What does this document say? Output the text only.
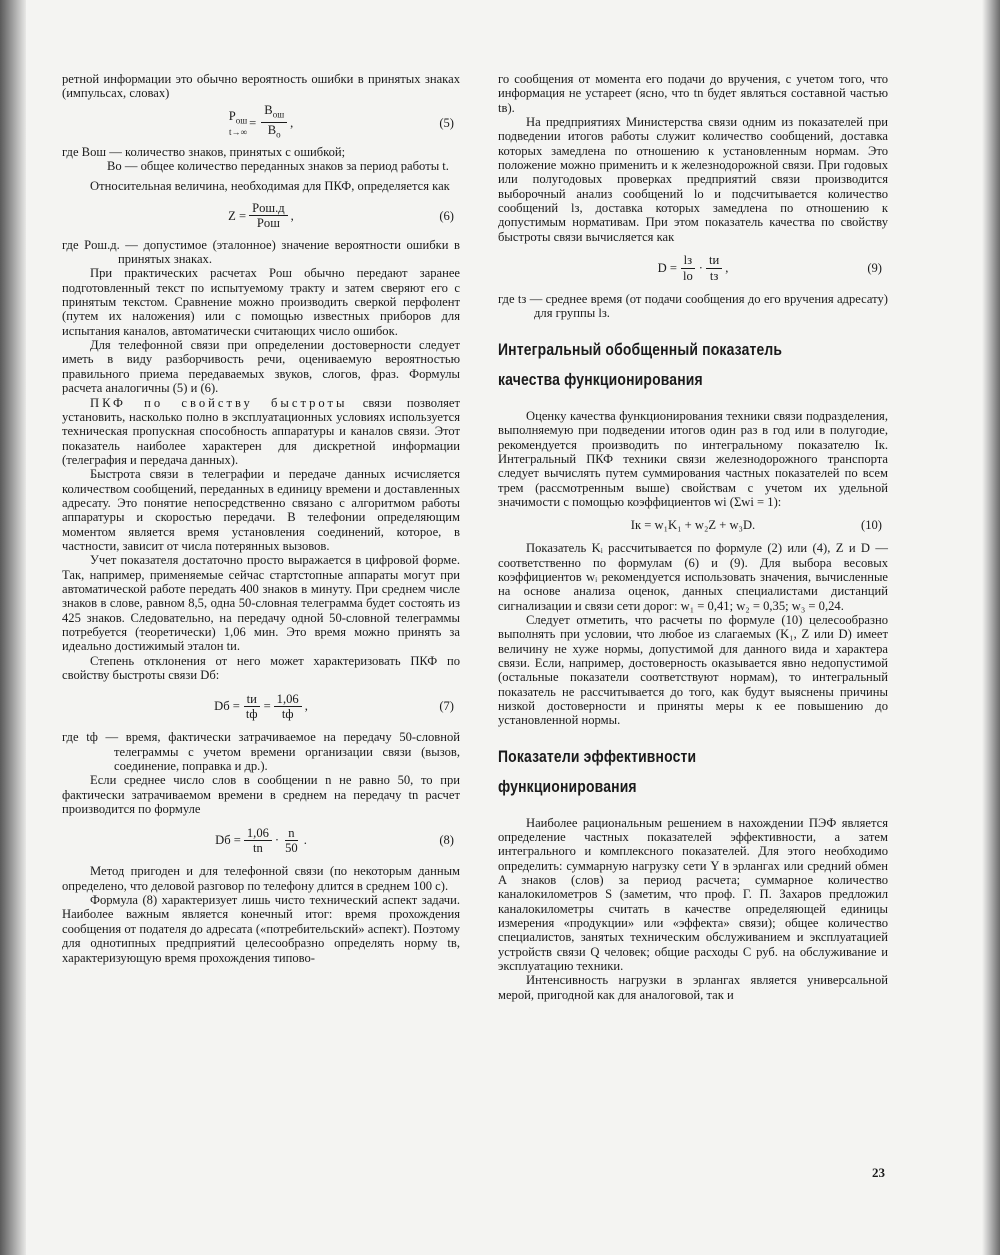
ретной информации это обычно вероятность ошибки в принятых знаках (импульсах, словах)

$P_{ош}$
t→∞
= $\frac{B_{ош}}{B_о}$ ,	(5)

где Bош — количество знаков, принятых с ошибкой;

Bо — общее количество переданных знаков за период работы t.

Относительная величина, необходимая для ПКФ, определяется как

$Z = \frac{\text{Pош.д}}{\text{Pош}}$ ,	(6)

где Pош.д. — допустимое (эталонное) значение вероятности ошибки в принятых знаках.

При практических расчетах Pош обычно передают заранее подготовленный текст по испытуемому тракту и затем сверяют его с принятым текстом. Сравнение можно производить сверкой перфолент (путем их наложения) или с помощью известных приборов для испытания каналов, автоматически считающих число ошибок.

Для телефонной связи при определении достоверности следует иметь в виду разборчивость речи, оцениваемую вероятностью правильного приема передаваемых звуков, слогов, фраз. Формулы расчета аналогичны (5) и (6).

ПКФ по свойству быстроты связи позволяет установить, насколько полно в эксплуатационных условиях используется техническая пропускная способность аппаратуры и каналов связи. Этот показатель наиболее характерен для дискретной информации (телеграфия и передача данных).

Быстрота связи в телеграфии и передаче данных исчисляется количеством сообщений, переданных в единицу времени и доставленных адресату. Это понятие непосредственно связано с алгоритмом работы аппаратуры и скоростью передачи. В телефонии определяющим моментом является время установления соединений, которое, в частности, зависит от числа потерянных вызовов.

Учет показателя достаточно просто выражается в цифровой форме. Так, например, применяемые сейчас стартстопные аппараты могут при автоматической работе передать 400 знаков в минуту. При среднем числе знаков в слове, равном 8,5, одна 50-словная телеграмма будет состоять из 425 знаков. Следовательно, на передачу одной 50-словной телеграммы потребуется (теоретически) 1,06 мин. Это время можно принять за идеально достижимый эталон tи.

Степень отклонения от него может характеризовать ПКФ по свойству быстроты связи Dб:

Dб = $\frac{tи}{tф} = \frac{1,06}{tф}$ ,	(7)

где tф — время, фактически затрачиваемое на передачу 50-словной телеграммы с учетом времени организации связи (вызов, соединение, поправка и др.).

Если среднее число слов в сообщении n не равно 50, то при фактически затрачиваемом времени в среднем на передачу tn расчет производится по формуле

Dб = $\frac{1,06}{tn} \cdot \frac{n}{50}$ .	(8)

Метод пригоден и для телефонной связи (по некоторым данным определено, что деловой разговор по телефону длится в среднем 100 с).

Формула (8) характеризует лишь чисто технический аспект задачи. Наиболее важным является конечный итог: время прохождения сообщения от подателя до адресата («потребительский» аспект). Поэтому для однотипных предприятий целесообразно определять норму tв, характеризующую время прохождения типово-

го сообщения от момента его подачи до вручения, с учетом того, что информация не устареет (ясно, что tn будет являться составной частью tв).

На предприятиях Министерства связи одним из показателей при подведении итогов работы служит количество сообщений, доставка которых замедлена по отношению к установленным нормам. Это положение можно применить и к железнодорожной связи. При годовых или полугодовых проверках предприятий связи производится выборочный анализ сообщений lо и подсчитывается количество сообщений lз, доставка которых замедлена по отношению к допустимым нормативам. При этом показатель качества по свойству быстроты связи вычисляется как

$D = \frac{lз}{lо} \cdot \frac{tи}{tз}$ ,	(9)

где tз — среднее время (от подачи сообщения до его вручения адресату) для группы lз.

Интегральный обобщенный показатель
качества функционирования

Оценку качества функционирования техники связи подразделения, выполняемую при подведении итогов один раз в год или в полугодие, рекомендуется производить по интегральному показателю Iк. Интегральный ПКФ техники связи железнодорожного транспорта следует вычислять путем суммирования частных показателей по всем трем (рассмотренным выше) свойствам с учетом их удельной значимости с помощью коэффициентов wi (Σwi = 1):

Iк = w₁K₁ + w₂Z + w₃D.	(10)

Показатель Kᵢ рассчитывается по формуле (2) или (4), Z и D — соответственно по формулам (6) и (9). Для выбора весовых коэффициентов wᵢ рекомендуется использовать значения, вычисленные на основе анализа оценок, данных специалистами дистанций сигнализации и связи сети дорог: w₁ = 0,41; w₂ = 0,35; w₃ = 0,24.

Следует отметить, что расчеты по формуле (10) целесообразно выполнять при условии, что любое из слагаемых (K₁, Z или D) имеет величину не хуже нормы, допустимой для данного вида и характера связи. Если, например, достоверность оказывается явно недопустимой (остальные показатели соответствуют нормам), то интегральный показатель не рассчитывается до того, как будут выяснены причины низкой достоверности и приняты меры к ее повышению до установленной нормы.

Показатели эффективности
функционирования

Наиболее рациональным решением в нахождении ПЭФ является определение частных показателей эффективности, а затем интегрального и комплексного показателей. Для этого необходимо определить: суммарную нагрузку сети Y в эрлангах или средний обмен A знаков (слов) за период расчета; суммарное количество каналокилометров S (заметим, что проф. Г. П. Захаров предложил каналокилометры считать в качестве определяющей единицы измерения «продукции» или «эффекта» связи); общее количество специалистов, занятых техническим обслуживанием и эксплуатацией устройств связи Q человек; общие расходы C руб. на обслуживание и эксплуатацию техники.

Интенсивность нагрузки в эрлангах является универсальной мерой, пригодной как для аналоговой, так и

23
